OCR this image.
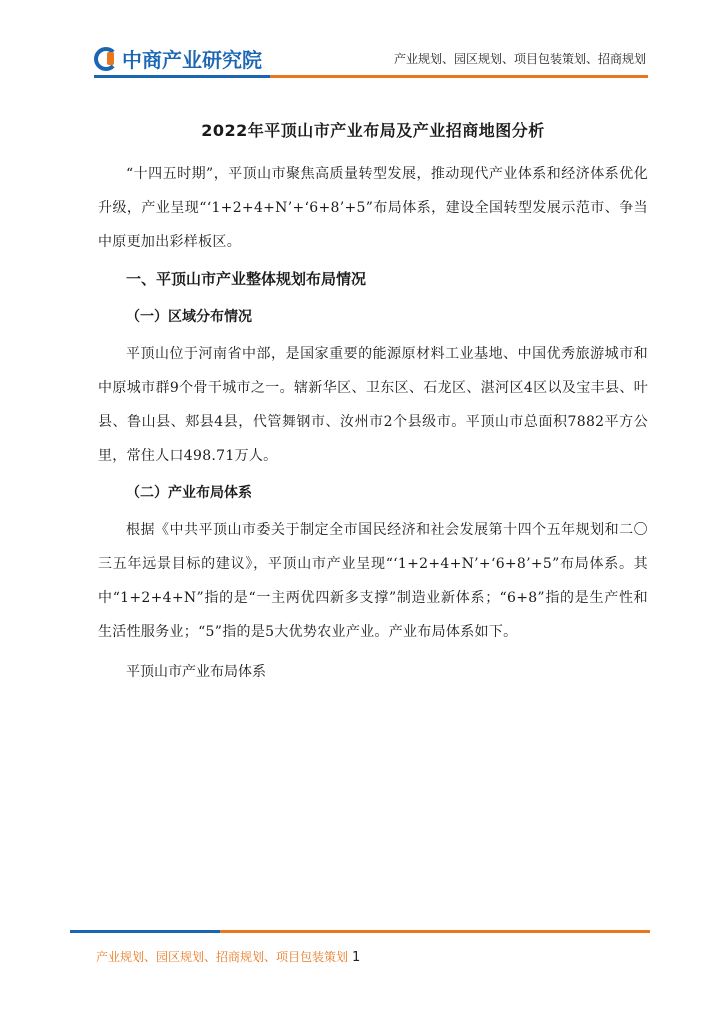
中商产业研究院	产业规划、园区规划、项目包装策划、招商规划
2022年平顶山市产业布局及产业招商地图分析

“十四五时期”，平顶山市聚焦高质量转型发展，推动现代产业体系和经济体系优化升级，产业呈现“‘1+2+4+N’+‘6+8’+5”布局体系，建设全国转型发展示范市、争当中原更加出彩样板区。

一、平顶山市产业整体规划布局情况
（一）区域分布情况

平顶山位于河南省中部，是国家重要的能源原材料工业基地、中国优秀旅游城市和中原城市群9个骨干城市之一。辖新华区、卫东区、石龙区、湛河区4区以及宝丰县、叶县、鲁山县、郏县4县，代管舞钢市、汝州市2个县级市。平顶山市总面积7882平方公里，常住人口498.71万人。

（二）产业布局体系

根据《中共平顶山市委关于制定全市国民经济和社会发展第十四个五年规划和二〇三五年远景目标的建议》，平顶山市产业呈现“‘1+2+4+N’+‘6+8’+5”布局体系。其中“1+2+4+N”指的是“一主两优四新多支撑”制造业新体系；“6+8”指的是生产性和生活性服务业；“5”指的是5大优势农业产业。产业布局体系如下。

平顶山市产业布局体系

产业规划、园区规划、招商规划、项目包装策划 1
